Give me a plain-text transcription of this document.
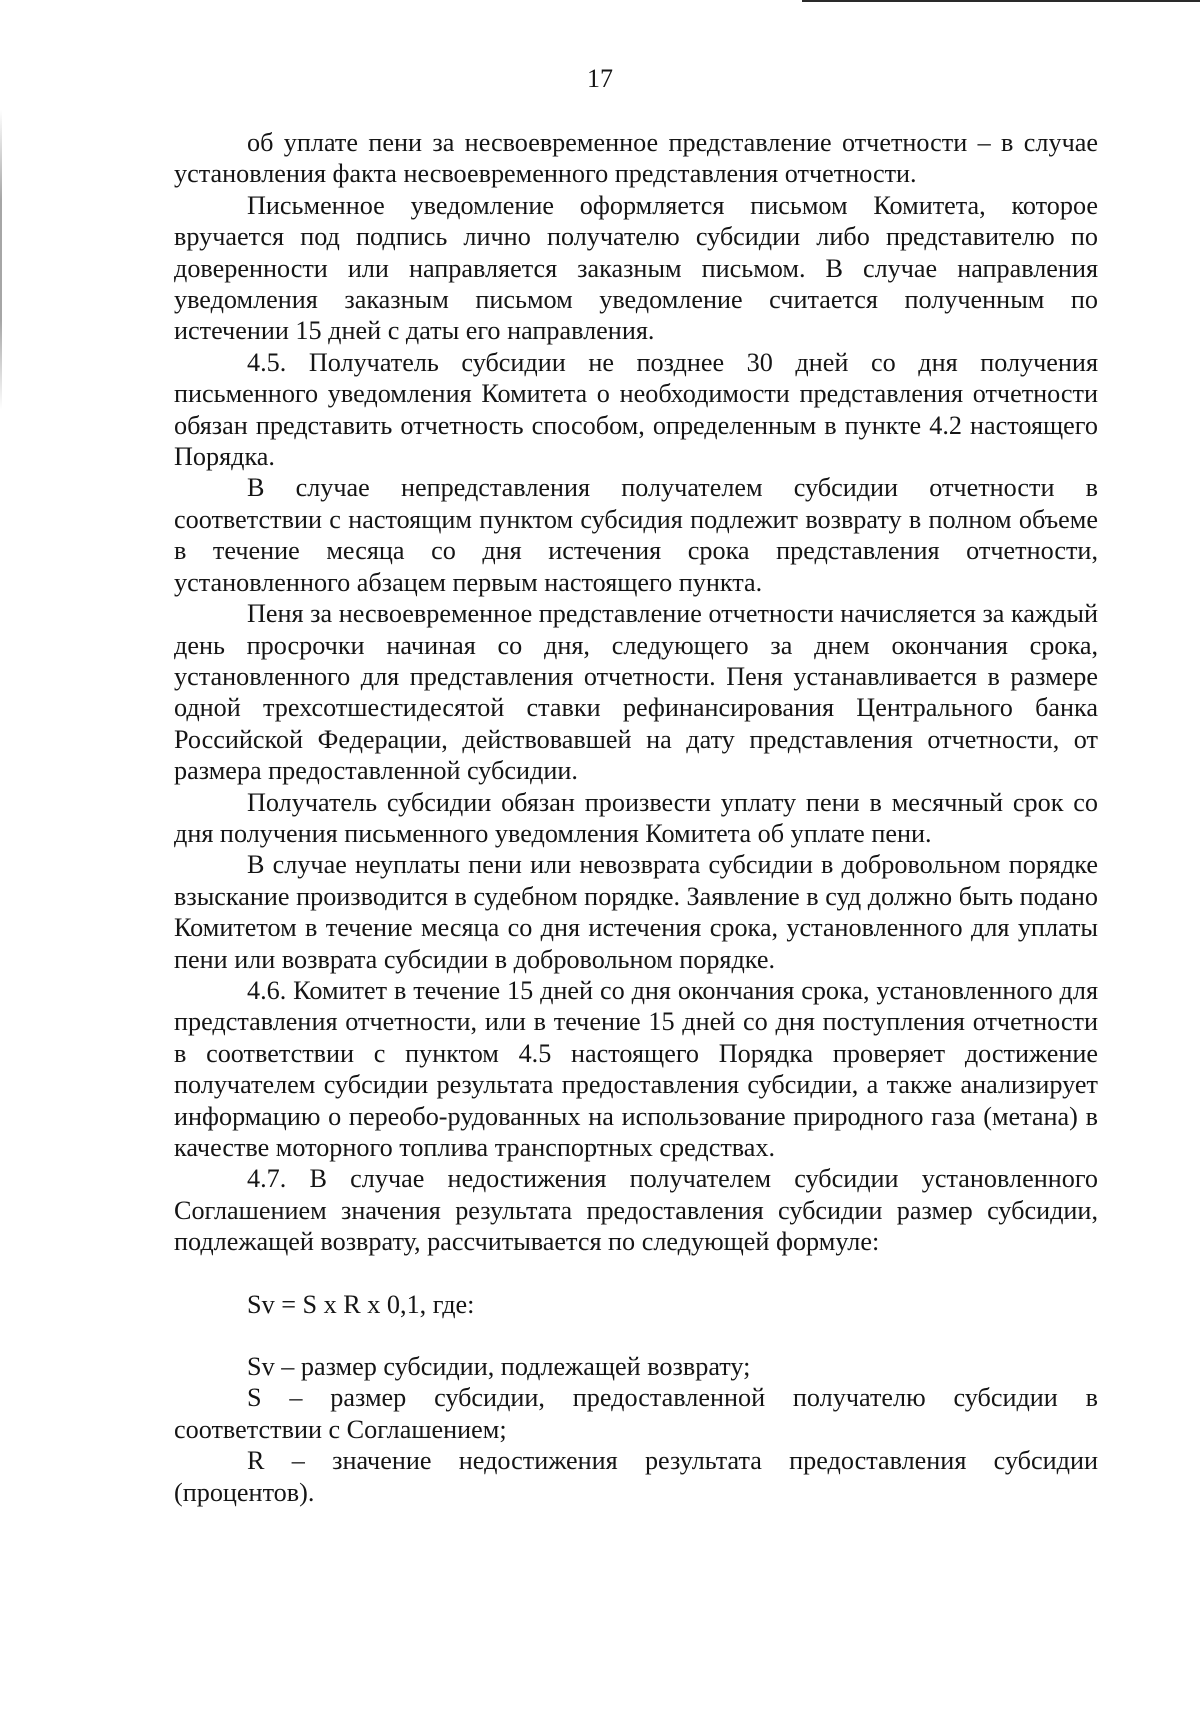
17

об уплате пени за несвоевременное представление отчетности – в случае установления факта несвоевременного представления отчетности.

Письменное уведомление оформляется письмом Комитета, которое вручается под подпись лично получателю субсидии либо представителю по доверенности или направляется заказным письмом. В случае направления уведомления заказным письмом уведомление считается полученным по истечении 15 дней с даты его направления.

4.5. Получатель субсидии не позднее 30 дней со дня получения письменного уведомления Комитета о необходимости представления отчетности обязан представить отчетность способом, определенным в пункте 4.2 настоящего Порядка.

В случае непредставления получателем субсидии отчетности в соответствии с настоящим пунктом субсидия подлежит возврату в полном объеме в течение месяца со дня истечения срока представления отчетности, установленного абзацем первым настоящего пункта.

Пеня за несвоевременное представление отчетности начисляется за каждый день просрочки начиная со дня, следующего за днем окончания срока, установленного для представления отчетности. Пеня устанавливается в размере одной трехсотшестидесятой ставки рефинансирования Центрального банка Российской Федерации, действовавшей на дату представления отчетности, от размера предоставленной субсидии.

Получатель субсидии обязан произвести уплату пени в месячный срок со дня получения письменного уведомления Комитета об уплате пени.

В случае неуплаты пени или невозврата субсидии в добровольном порядке взыскание производится в судебном порядке. Заявление в суд должно быть подано Комитетом в течение месяца со дня истечения срока, установленного для уплаты пени или возврата субсидии в добровольном порядке.

4.6. Комитет в течение 15 дней со дня окончания срока, установленного для представления отчетности, или в течение 15 дней со дня поступления отчетности в соответствии с пунктом 4.5 настоящего Порядка проверяет достижение получателем субсидии результата предоставления субсидии, а также анализирует информацию о переобо-рудованных на использование природного газа (метана) в качестве моторного топлива транспортных средствах.

4.7. В случае недостижения получателем субсидии установленного Соглашением значения результата предоставления субсидии размер субсидии, подлежащей возврату, рассчитывается по следующей формуле:

Sv = S x R x 0,1, где:

Sv – размер субсидии, подлежащей возврату;

S – размер субсидии, предоставленной получателю субсидии в соответствии с Соглашением;

R – значение недостижения результата предоставления субсидии (процентов).
